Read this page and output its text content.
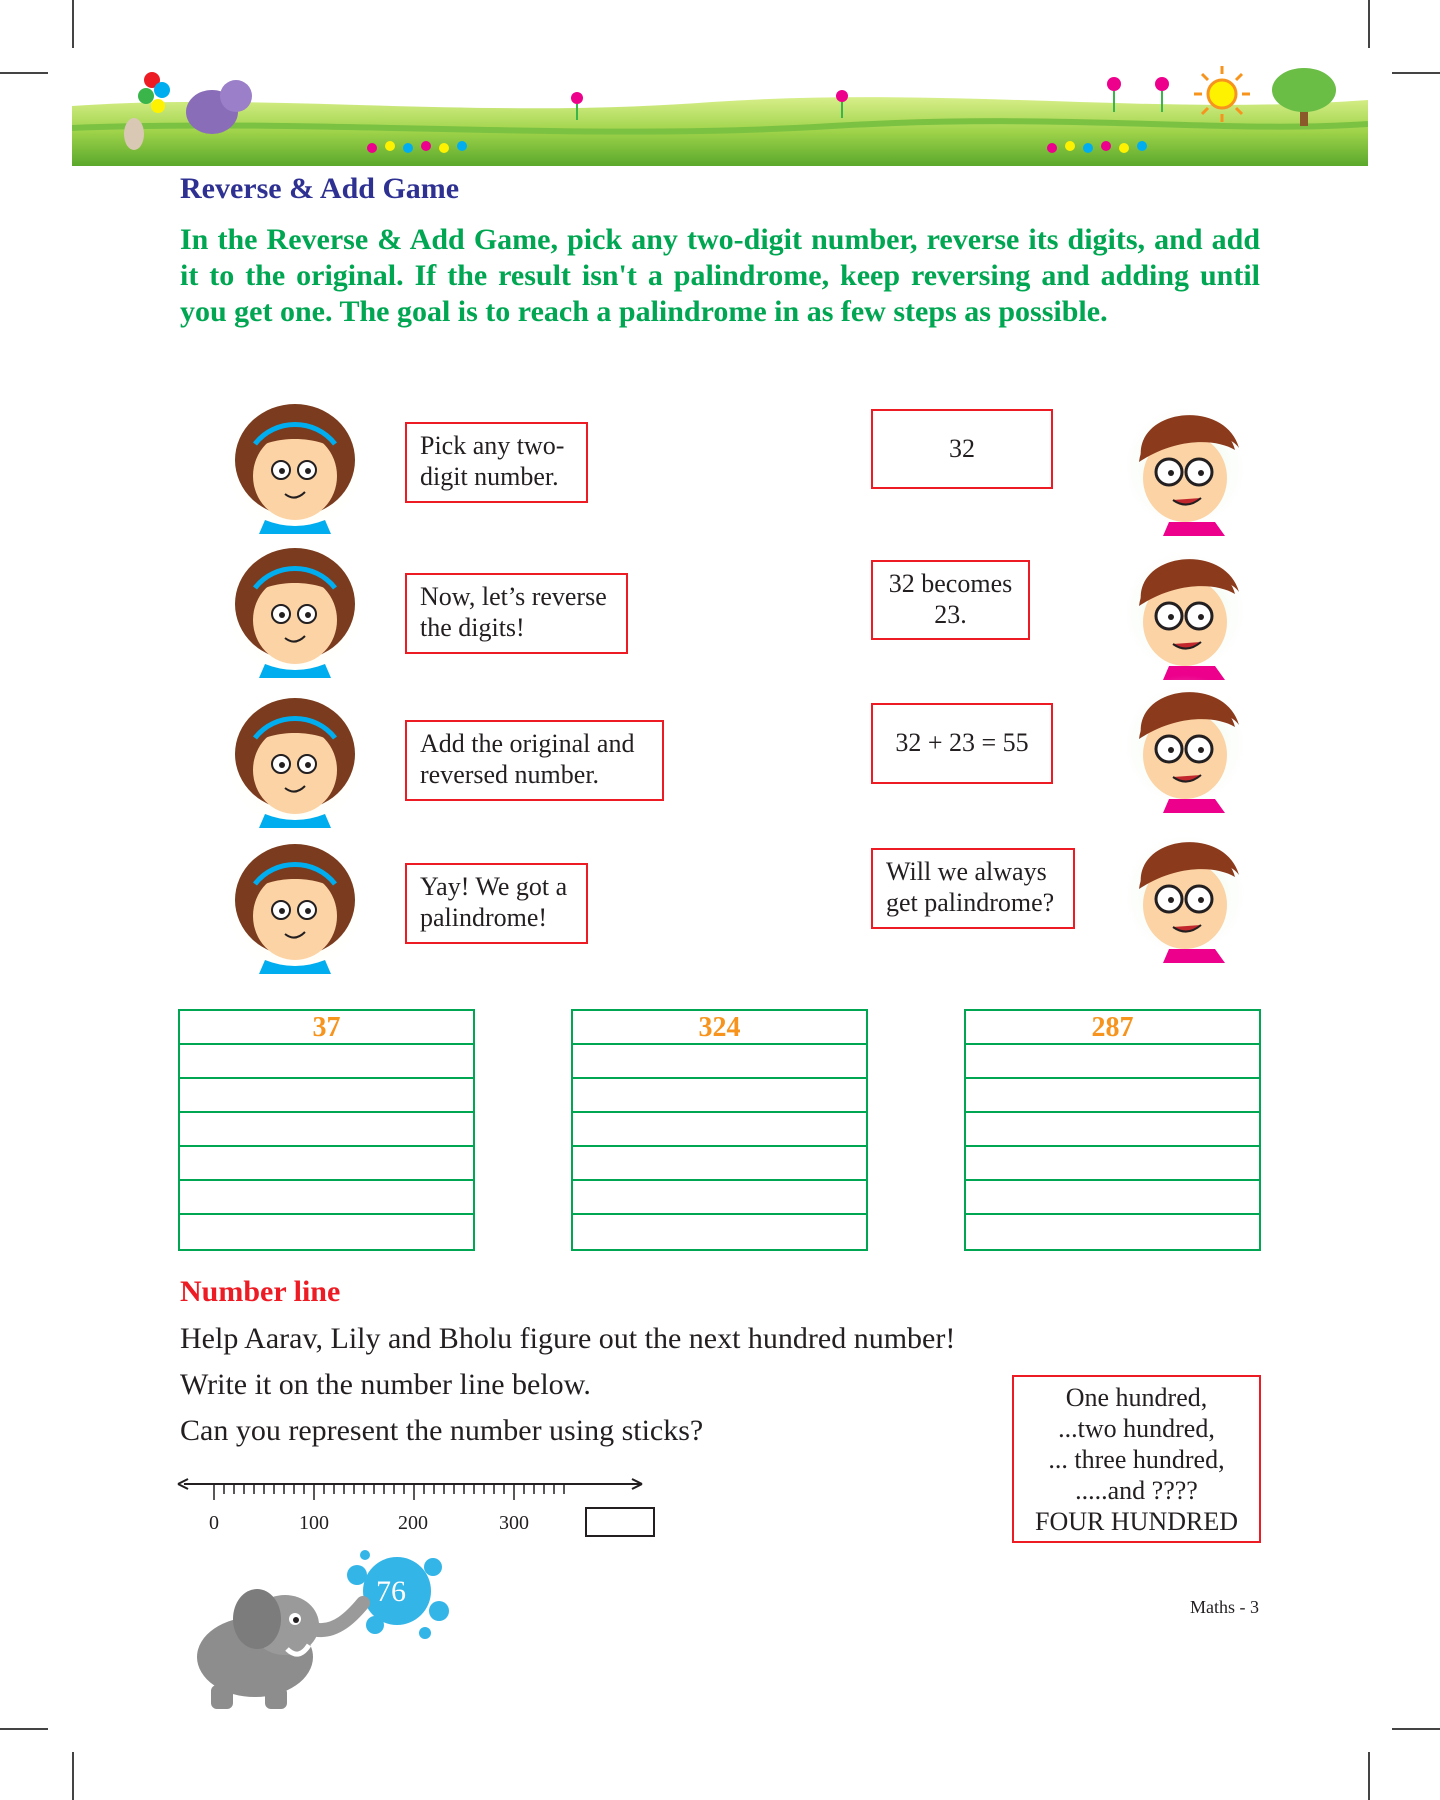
Reverse & Add Game
In the Reverse & Add Game, pick any two-digit number, reverse its digits, and add it to the original. If the result isn't a palindrome, keep reversing and adding until you get one. The goal is to reach a palindrome in as few steps as possible.
Pick any two-digit number.
Now, let’s reverse the digits!
Add the original and reversed number.
Yay! We got a palindrome!
32
32 becomes 23.
32 + 23 = 55
Will we always get palindrome?
37	324	287
Number line
Help Aarav, Lily and Bholu figure out the next hundred number!
Write it on the number line below.
Can you represent the number using sticks?
0	100	200	300
One hundred,
...two hundred,
... three hundred,
.....and ????
FOUR HUNDRED
76	Maths - 3
